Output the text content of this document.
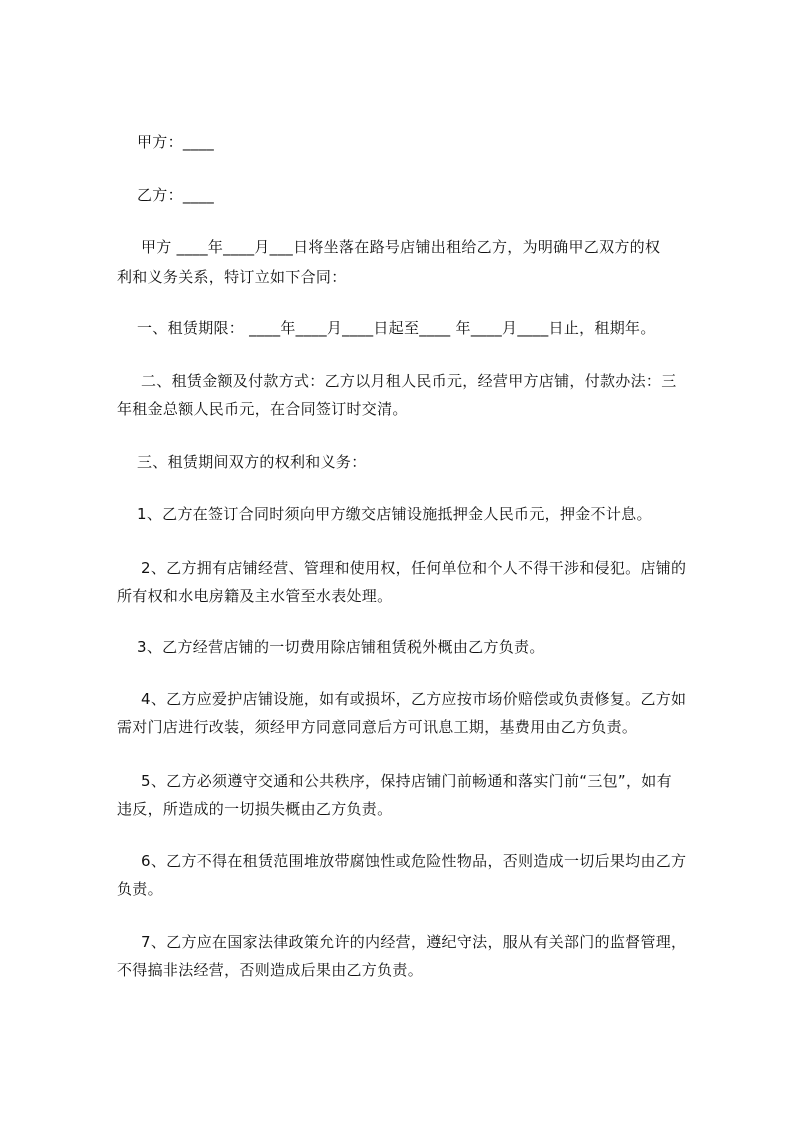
甲方：____
乙方：____
甲方 ____年____月___日将坐落在路号店铺出租给乙方，为明确甲乙双方的权
利和义务关系，特订立如下合同：
一、租赁期限： ____年____月____日起至____ 年____月____日止，租期年。
二、租赁金额及付款方式：乙方以月租人民币元，经营甲方店铺，付款办法：三
年租金总额人民币元，在合同签订时交清。
三、租赁期间双方的权利和义务：
1、乙方在签订合同时须向甲方缴交店铺设施抵押金人民币元，押金不计息。
2、乙方拥有店铺经营、管理和使用权，任何单位和个人不得干涉和侵犯。店铺的
所有权和水电房籍及主水管至水表处理。
3、乙方经营店铺的一切费用除店铺租赁税外概由乙方负责。
4、乙方应爱护店铺设施，如有或损坏，乙方应按市场价赔偿或负责修复。乙方如
需对门店进行改装，须经甲方同意同意后方可讯息工期，基费用由乙方负责。
5、乙方必须遵守交通和公共秩序，保持店铺门前畅通和落实门前“三包”，如有
违反，所造成的一切损失概由乙方负责。
6、乙方不得在租赁范围堆放带腐蚀性或危险性物品，否则造成一切后果均由乙方
负责。
7、乙方应在国家法律政策允许的内经营，遵纪守法，服从有关部门的监督管理，
不得搞非法经营，否则造成后果由乙方负责。
